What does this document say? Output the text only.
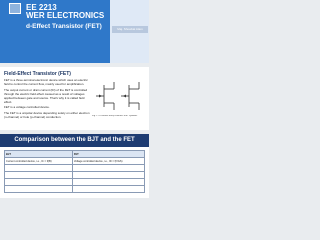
EE 2213
WER ELECTRONICS
d-Effect Transistor (FET)	Maj. Showkat Alam
Field-Effect Transistor (FET)

FET is a three-terminal electronic device which uses an electric field to control the current flow, mainly used for amplification.

The output current or drain current (ID) of the FET is controlled through the electric field effect caused as a result of voltages applied between gate and source. That's why it is called field effect.

FET is a voltage controlled device.

The FET is a unipolar device depending solely on either electron (n-channel) or hole (p-channel) conduction.	Fig. 1. n-channel and p-channel JFET symbols
Comparison between the BJT and the FET
BJT	FET
Current controlled device, i.e., IC = f(IB)	Voltage controlled device, i.e., ID = f(VGS)
